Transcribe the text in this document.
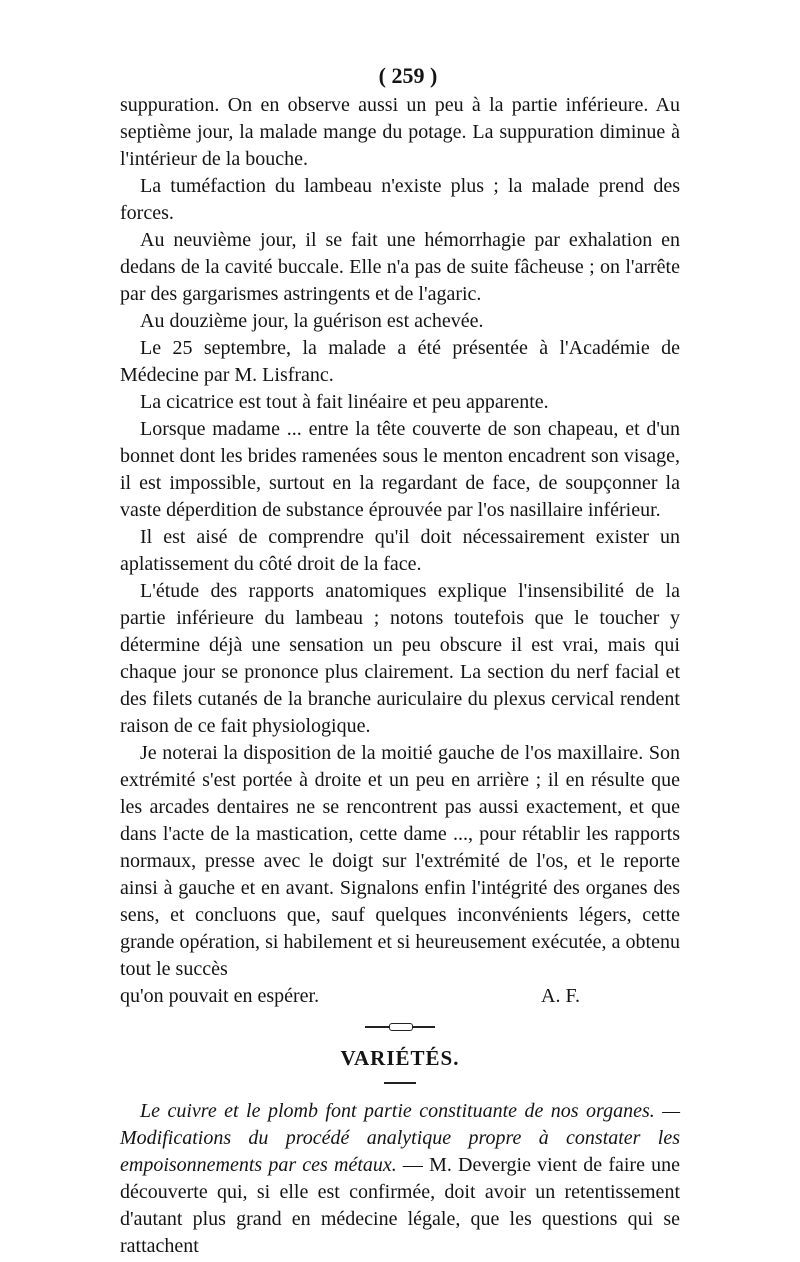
( 259 )

suppuration. On en observe aussi un peu à la partie inférieure. Au septième jour, la malade mange du potage. La suppuration diminue à l'intérieur de la bouche.

La tuméfaction du lambeau n'existe plus ; la malade prend des forces.

Au neuvième jour, il se fait une hémorrhagie par exhalation en dedans de la cavité buccale. Elle n'a pas de suite fâcheuse ; on l'arrête par des gargarismes astringents et de l'agaric.

Au douzième jour, la guérison est achevée.

Le 25 septembre, la malade a été présentée à l'Académie de Médecine par M. Lisfranc.

La cicatrice est tout à fait linéaire et peu apparente.

Lorsque madame ... entre la tête couverte de son chapeau, et d'un bonnet dont les brides ramenées sous le menton encadrent son visage, il est impossible, surtout en la regardant de face, de soupçonner la vaste déperdition de substance éprouvée par l'os nasillaire inférieur.

Il est aisé de comprendre qu'il doit nécessairement exister un aplatissement du côté droit de la face.

L'étude des rapports anatomiques explique l'insensibilité de la partie inférieure du lambeau ; notons toutefois que le toucher y détermine déjà une sensation un peu obscure il est vrai, mais qui chaque jour se prononce plus clairement. La section du nerf facial et des filets cutanés de la branche auriculaire du plexus cervical rendent raison de ce fait physiologique.

Je noterai la disposition de la moitié gauche de l'os maxillaire. Son extrémité s'est portée à droite et un peu en arrière ; il en résulte que les arcades dentaires ne se rencontrent pas aussi exactement, et que dans l'acte de la mastication, cette dame ..., pour rétablir les rapports normaux, presse avec le doigt sur l'extrémité de l'os, et le reporte ainsi à gauche et en avant. Signalons enfin l'intégrité des organes des sens, et concluons que, sauf quelques inconvénients légers, cette grande opération, si habilement et si heureusement exécutée, a obtenu tout le succès

qu'on pouvait en espérer.	A. F.

VARIÉTÉS.

Le cuivre et le plomb font partie constituante de nos organes. — Modifications du procédé analytique propre à constater les empoisonnements par ces métaux. — M. Devergie vient de faire une découverte qui, si elle est confirmée, doit avoir un retentissement d'autant plus grand en médecine légale, que les questions qui se rattachent
